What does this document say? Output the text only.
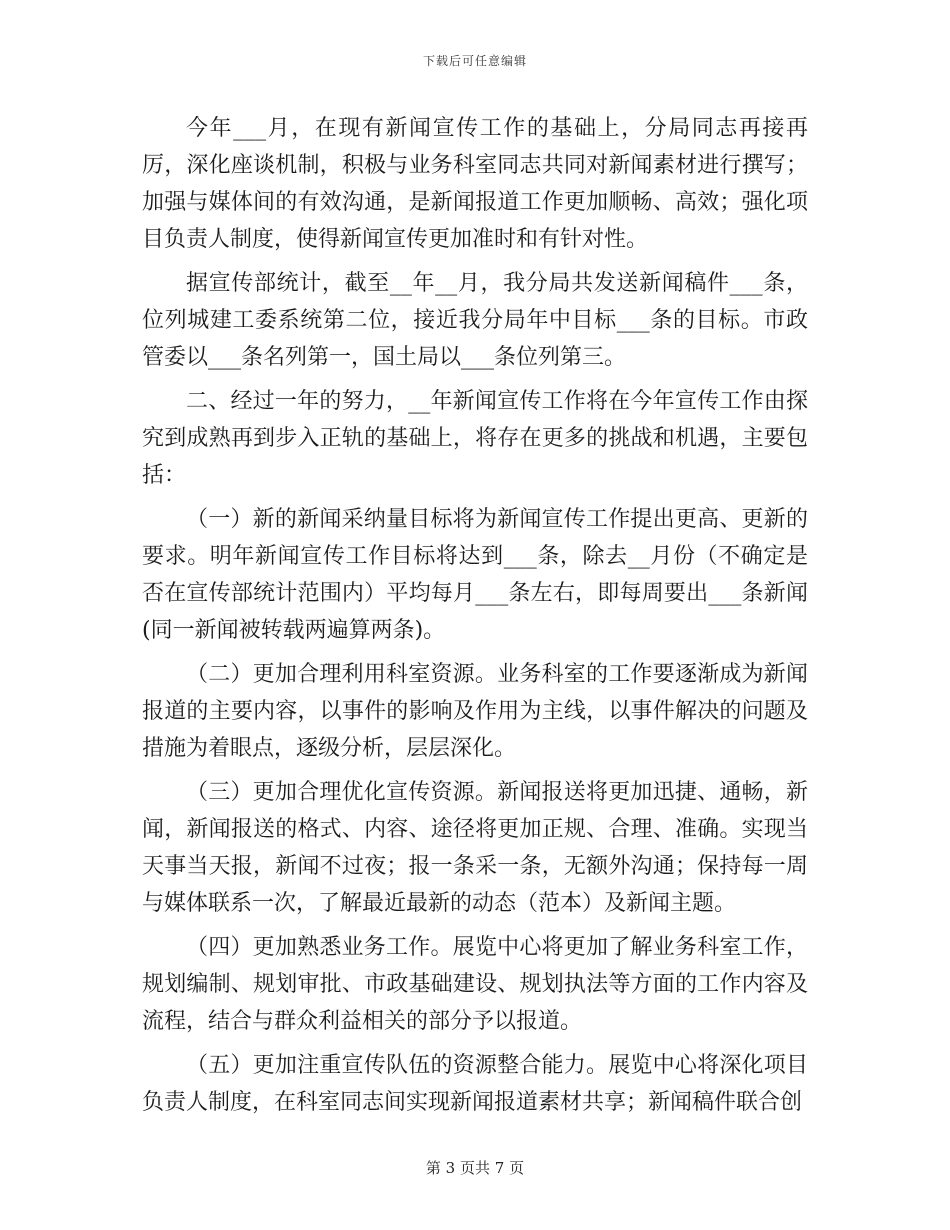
下载后可任意编辑

今年___月，在现有新闻宣传工作的基础上，分局同志再接再厉，深化座谈机制，积极与业务科室同志共同对新闻素材进行撰写；加强与媒体间的有效沟通，是新闻报道工作更加顺畅、高效；强化项目负责人制度，使得新闻宣传更加准时和有针对性。

据宣传部统计，截至__年__月，我分局共发送新闻稿件___条，位列城建工委系统第二位，接近我分局年中目标___条的目标。市政管委以___条名列第一，国土局以___条位列第三。

二、经过一年的努力，__年新闻宣传工作将在今年宣传工作由探究到成熟再到步入正轨的基础上，将存在更多的挑战和机遇，主要包括：

（一）新的新闻采纳量目标将为新闻宣传工作提出更高、更新的要求。明年新闻宣传工作目标将达到___条，除去__月份（不确定是否在宣传部统计范围内）平均每月___条左右，即每周要出___条新闻(同一新闻被转载两遍算两条)。

（二）更加合理利用科室资源。业务科室的工作要逐渐成为新闻报道的主要内容，以事件的影响及作用为主线，以事件解决的问题及措施为着眼点，逐级分析，层层深化。

（三）更加合理优化宣传资源。新闻报送将更加迅捷、通畅，新闻，新闻报送的格式、内容、途径将更加正规、合理、准确。实现当天事当天报，新闻不过夜；报一条采一条，无额外沟通；保持每一周与媒体联系一次，了解最近最新的动态（范本）及新闻主题。

（四）更加熟悉业务工作。展览中心将更加了解业务科室工作，规划编制、规划审批、市政基础建设、规划执法等方面的工作内容及流程，结合与群众利益相关的部分予以报道。

（五）更加注重宣传队伍的资源整合能力。展览中心将深化项目负责人制度，在科室同志间实现新闻报道素材共享；新闻稿件联合创

第 3 页共 7 页
